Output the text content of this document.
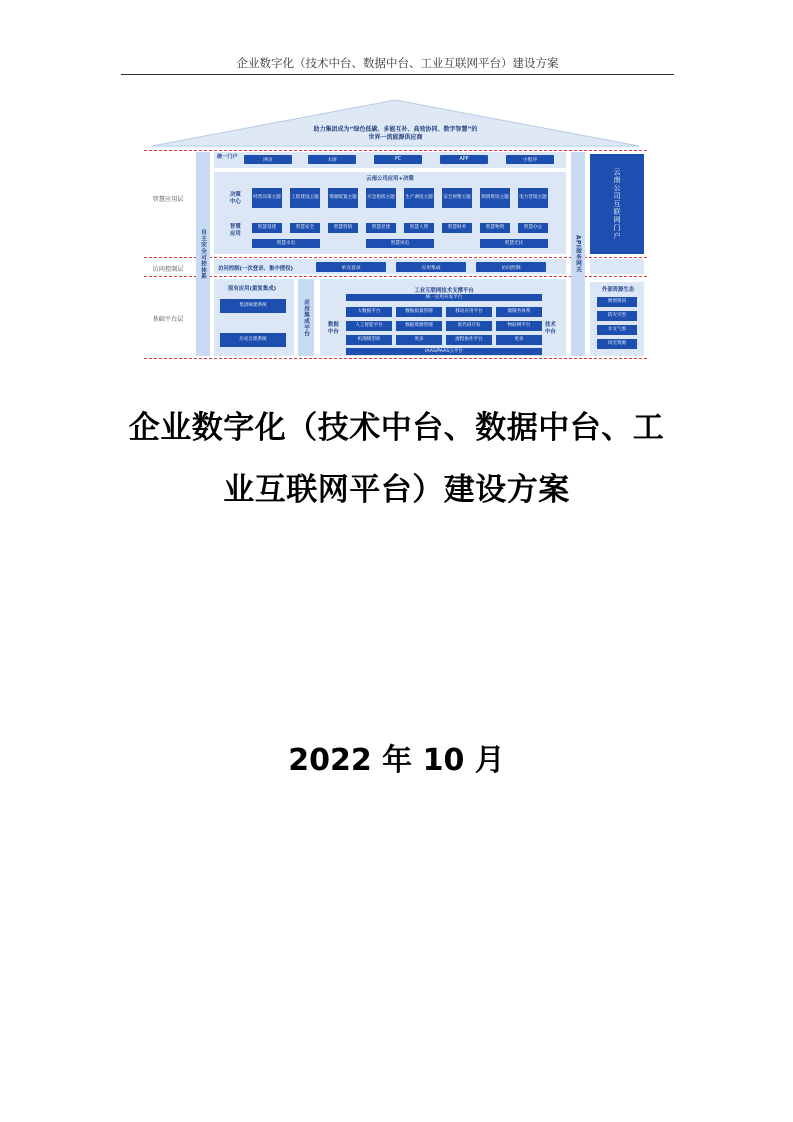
企业数字化（技术中台、数据中台、工业互联网平台）建设方案
助力集团成为“绿色低碳、多能互补、高效协同、数字智慧”的
世界一流能源供应商
智慧应用层
访问控制层
基础平台层
自主安全可控体系
统一门户
网页	大屏	PC	APP	小程序
云南公司应用+决策
决策中心
经营决策主题 工程建设主题 资源配置主题 应急指挥主题 生产调度主题 安全预警主题 舆情资讯主题 电力营销主题
智慧应用
智慧基建	智慧安全	智慧营销	智慧党建	智慧人资	智慧财务	智慧物资	智慧办公
智慧水电	智慧风电	智慧光伏
访问控制(一次登录、集中授权)	单点登录	应用集成	访问控制
原有应用(重复集成)
集团统建系统
历史自建系统
应用集成平台
工业互联网技术支撑平台
统一应用开发平台
数据中台
技术中台
大数据平台	数据质量管理	移动应用平台	微服务体系
人工智能平台	数据资源管理	低代码开发	物联网平台
机理模型库	更多	流程协作平台	更多
IAAS/PAAS云平台
API服务网关
云南公司互联网门户
外部资源生态
舆情资讯
防灾灾害
水文气象
风光资源
企业数字化（技术中台、数据中台、工
业互联网平台）建设方案
2022 年 10 月
